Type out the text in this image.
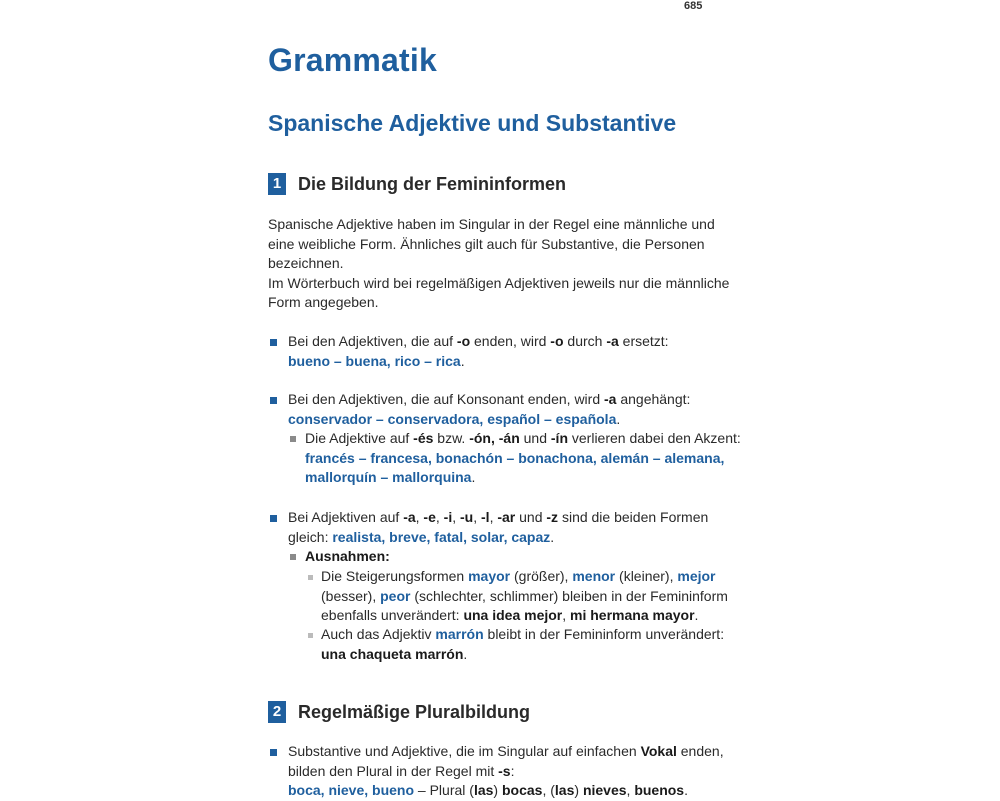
685
Grammatik
Spanische Adjektive und Substantive
1 Die Bildung der Femininformen
Spanische Adjektive haben im Singular in der Regel eine männliche und
eine weibliche Form. Ähnliches gilt auch für Substantive, die Personen
bezeichnen.
Im Wörterbuch wird bei regelmäßigen Adjektiven jeweils nur die männliche
Form angegeben.
Bei den Adjektiven, die auf -o enden, wird -o durch -a ersetzt:
bueno – buena, rico – rica.
Bei den Adjektiven, die auf Konsonant enden, wird -a angehängt:
conservador – conservadora, español – española.
Die Adjektive auf -és bzw. -ón, -án und -ín verlieren dabei den Akzent:
francés – francesa, bonachón – bonachona, alemán – alemana,
mallorquín – mallorquina.
Bei Adjektiven auf -a, -e, -i, -u, -l, -ar und -z sind die beiden Formen
gleich: realista, breve, fatal, solar, capaz.
Ausnahmen:
Die Steigerungsformen mayor (größer), menor (kleiner), mejor
(besser), peor (schlechter, schlimmer) bleiben in der Femininform
ebenfalls unverändert: una idea mejor, mi hermana mayor.
Auch das Adjektiv marrón bleibt in der Femininform unverändert:
una chaqueta marrón.
2 Regelmäßige Pluralbildung
Substantive und Adjektive, die im Singular auf einfachen Vokal enden,
bilden den Plural in der Regel mit -s:
boca, nieve, bueno – Plural (las) bocas, (las) nieves, buenos.
